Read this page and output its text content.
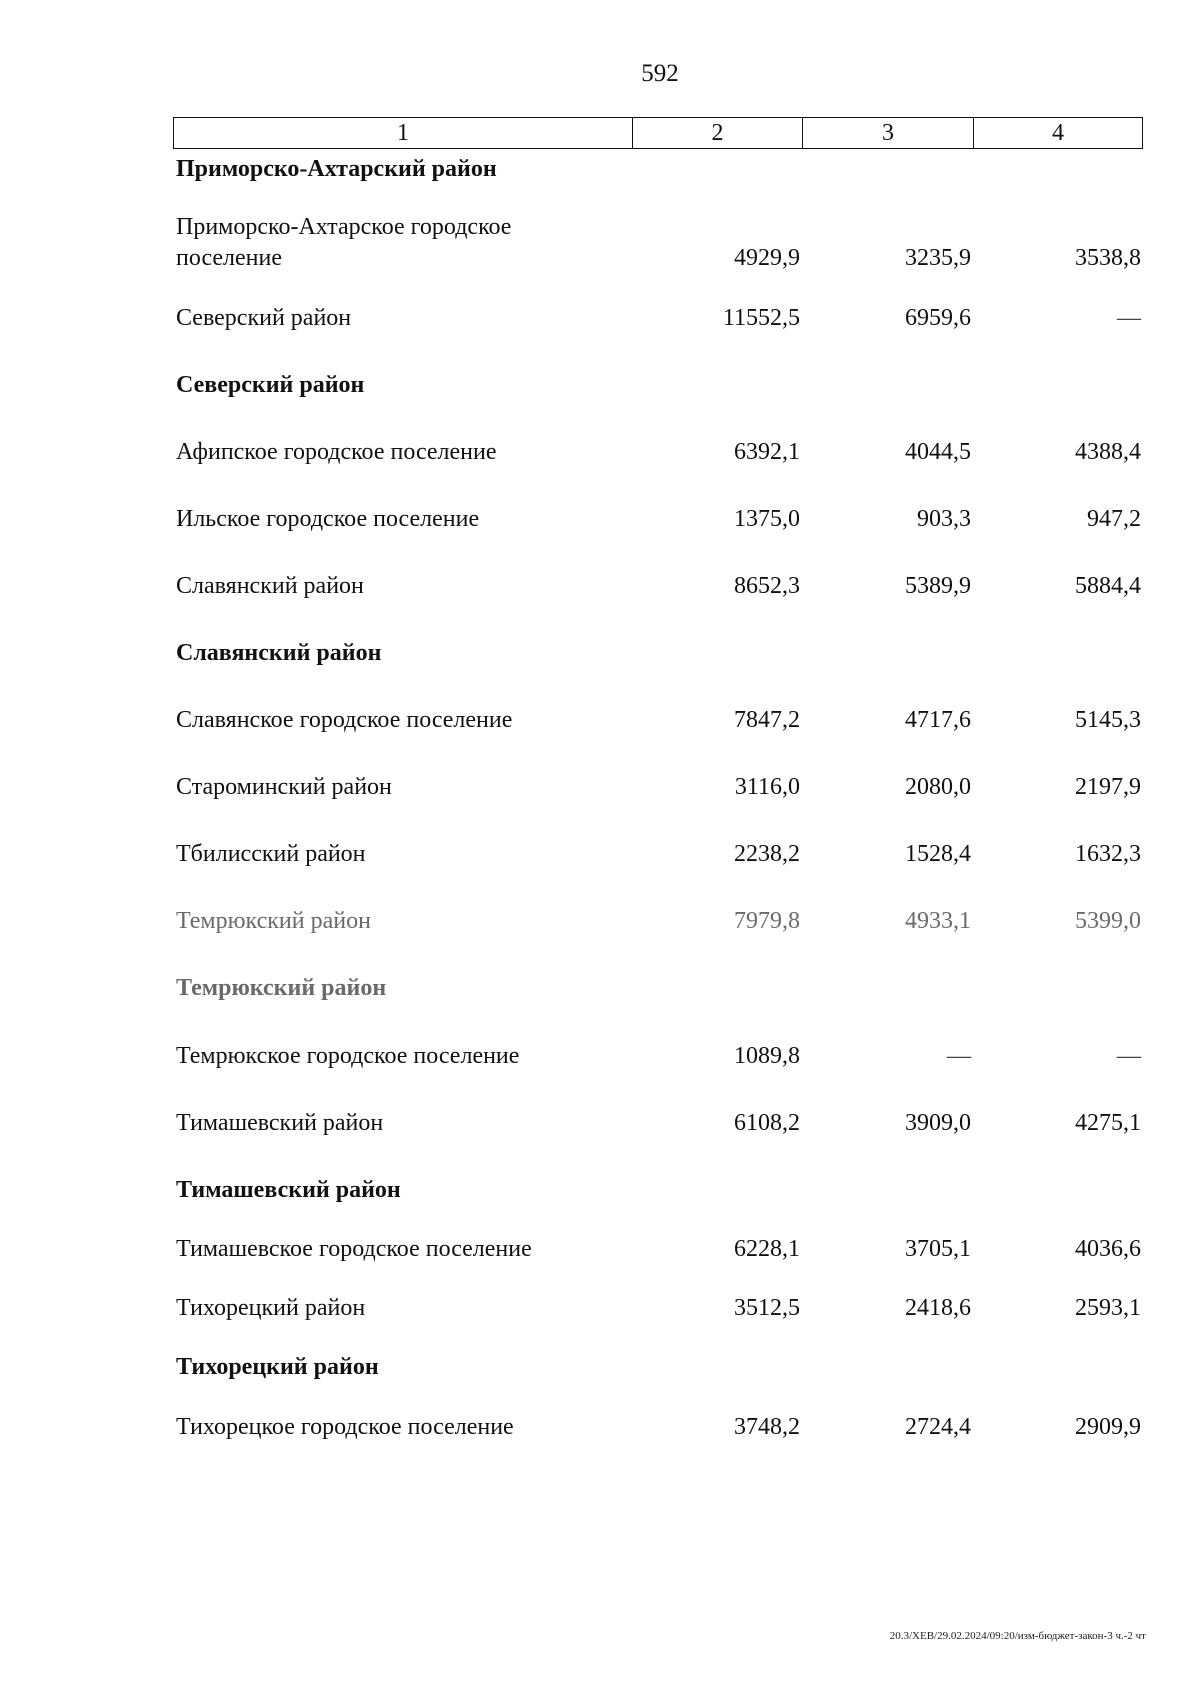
592
1	2	3	4
Приморско-Ахтарский район
Приморско-Ахтарское городское поселение	4929,9	3235,9	3538,8
Северский район	11552,5	6959,6	—
Северский район
Афипское городское поселение	6392,1	4044,5	4388,4
Ильское городское поселение	1375,0	903,3	947,2
Славянский район	8652,3	5389,9	5884,4
Славянский район
Славянское городское поселение	7847,2	4717,6	5145,3
Староминский район	3116,0	2080,0	2197,9
Тбилисский район	2238,2	1528,4	1632,3
Темрюкский район	7979,8	4933,1	5399,0
Темрюкский район
Темрюкское городское поселение	1089,8	—	—
Тимашевский район	6108,2	3909,0	4275,1
Тимашевский район
Тимашевское городское поселение	6228,1	3705,1	4036,6
Тихорецкий район	3512,5	2418,6	2593,1
Тихорецкий район
Тихорецкое городское поселение	3748,2	2724,4	2909,9
20.3/ХЕВ/29.02.2024/09:20/изм-бюджет-закон-3 ч.-2 чт
